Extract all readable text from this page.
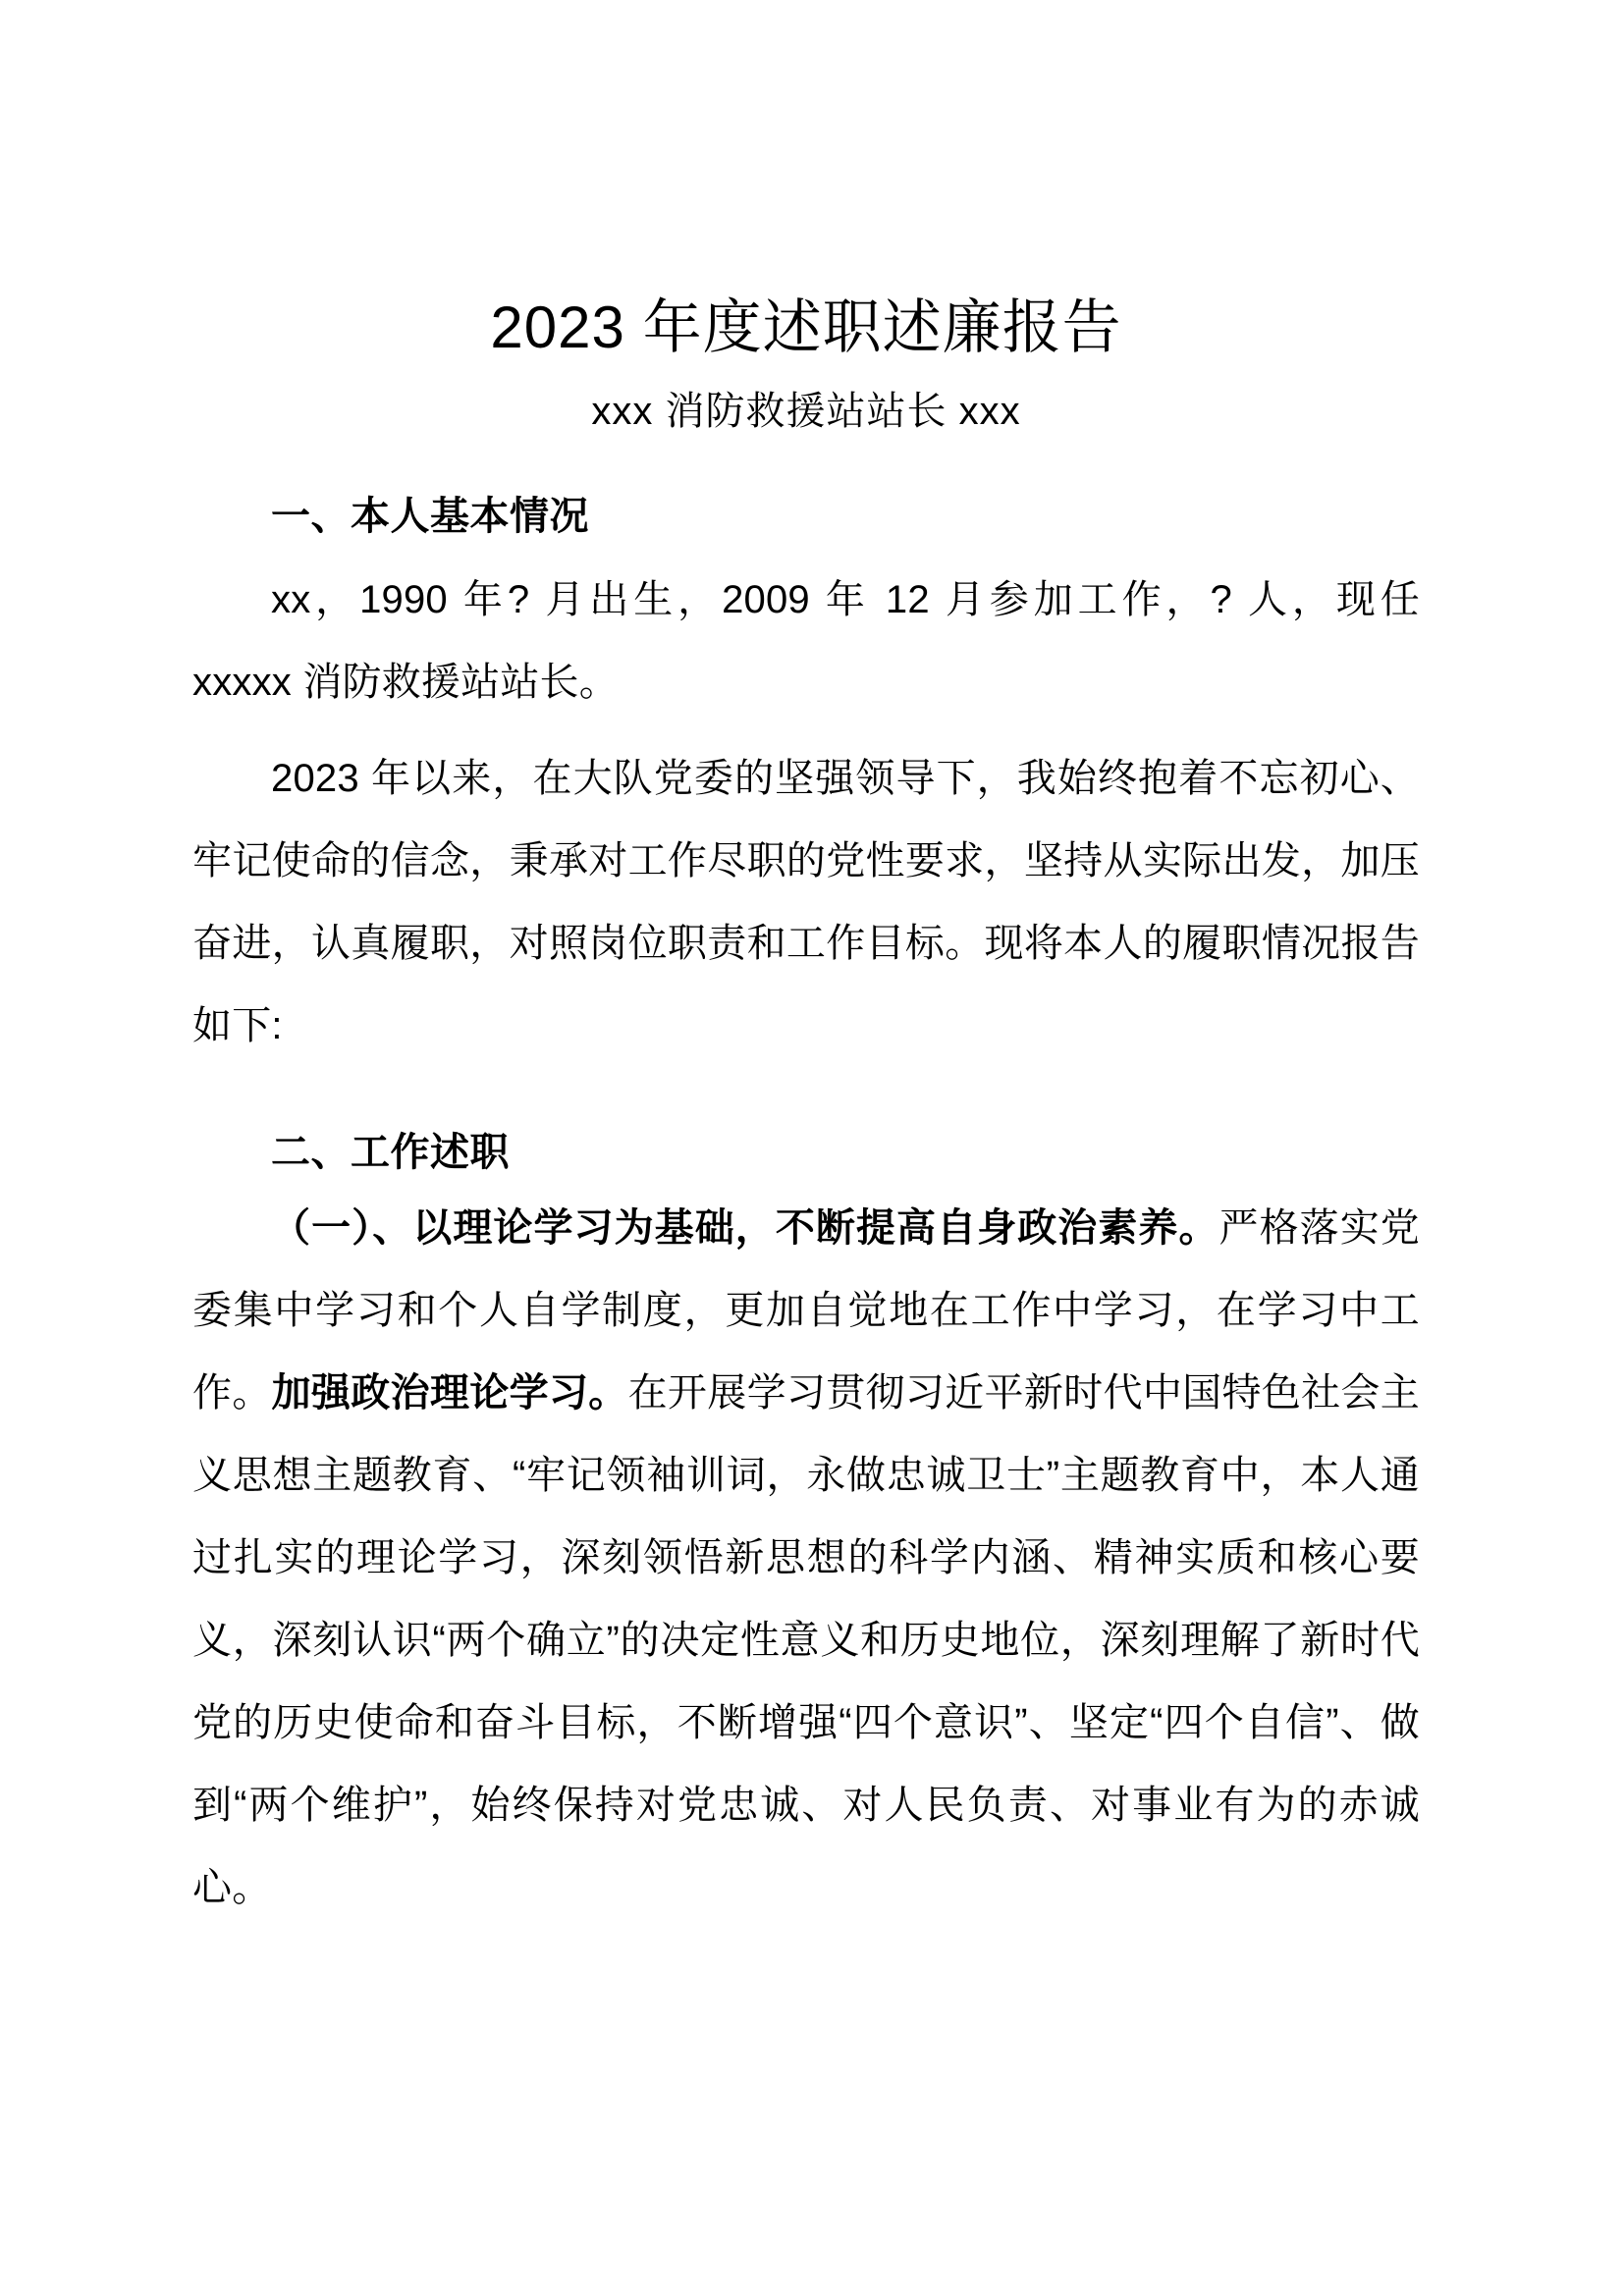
2023 年度述职述廉报告

xxx 消防救援站站长 xxx

一、本人基本情况

xx，1990 年? 月出生，2009 年 12 月参加工作，? 人，现任 xxxxx 消防救援站站长。

2023 年以来，在大队党委的坚强领导下，我始终抱着不忘初心、牢记使命的信念，秉承对工作尽职的党性要求，坚持从实际出发，加压奋进，认真履职，对照岗位职责和工作目标。现将本人的履职情况报告如下:

二、工作述职

（一）、以理论学习为基础，不断提高自身政治素养。严格落实党委集中学习和个人自学制度，更加自觉地在工作中学习，在学习中工作。加强政治理论学习。在开展学习贯彻习近平新时代中国特色社会主义思想主题教育、“牢记领袖训词，永做忠诚卫士”主题教育中，本人通过扎实的理论学习，深刻领悟新思想的科学内涵、精神实质和核心要义，深刻认识“两个确立”的决定性意义和历史地位，深刻理解了新时代党的历史使命和奋斗目标，不断增强“四个意识”、坚定“四个自信”、做到“两个维护”，始终保持对党忠诚、对人民负责、对事业有为的赤诚心。
